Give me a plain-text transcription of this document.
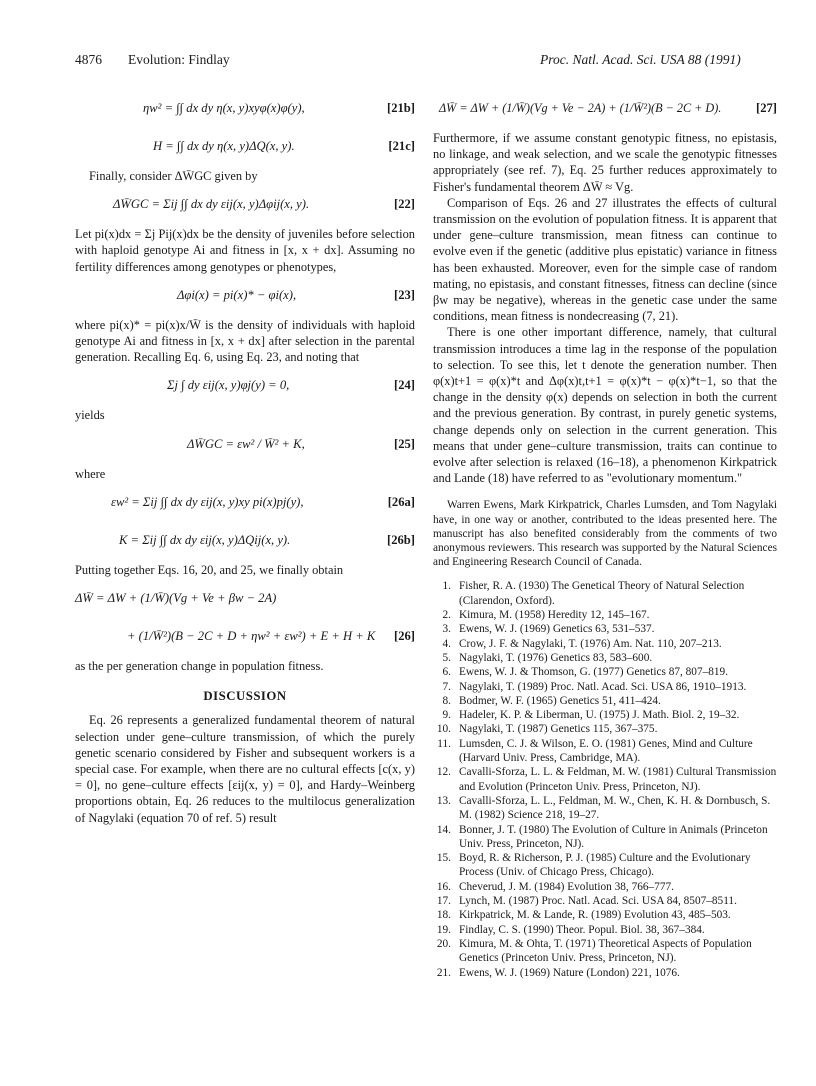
4876 Evolution: Findlay	Proc. Natl. Acad. Sci. USA 88 (1991)
ηw² = ∫∫ dx dy η(x, y)xyφ(x)φ(y),	[21b]
H = ∫∫ dx dy η(x, y)ΔQ(x, y).	[21c]

Finally, consider ΔW̄GC given by

ΔW̄GC = Σij ∫∫ dx dy εij(x, y)Δφij(x, y).	[22]

Let pi(x)dx = Σj Pij(x)dx be the density of juveniles before selection with haploid genotype Ai and fitness in [x, x + dx]. Assuming no fertility differences among genotypes or phenotypes,

Δφi(x) = pi(x)* − φi(x),	[23]

where pi(x)* = pi(x)x/W̄ is the density of individuals with haploid genotype Ai and fitness in [x, x + dx] after selection in the parental generation. Recalling Eq. 6, using Eq. 23, and noting that

Σj ∫ dy εij(x, y)φj(y) = 0,	[24]

yields

ΔW̄GC = εw² / W̄² + K,	[25]

where

εw² = Σij ∫∫ dx dy εij(x, y)xy pi(x)pj(y),	[26a]
K = Σij ∫∫ dx dy εij(x, y)ΔQij(x, y).	[26b]

Putting together Eqs. 16, 20, and 25, we finally obtain

ΔW̄ = ΔW + (1/W̄)(Vg + Ve + βw − 2A)
+ (1/W̄²)(B − 2C + D + ηw² + εw²) + E + H + K [26]

as the per generation change in population fitness.

DISCUSSION

Eq. 26 represents a generalized fundamental theorem of natural selection under gene–culture transmission, of which the purely genetic scenario considered by Fisher and subsequent workers is a special case. For example, when there are no cultural effects [c(x, y) = 0], no gene–culture effects [εij(x, y) = 0], and Hardy–Weinberg proportions obtain, Eq. 26 reduces to the multilocus generalization of Nagylaki (equation 70 of ref. 5) result

ΔW̄ = ΔW + (1/W̄)(Vg + Ve − 2A) + (1/W̄²)(B − 2C + D).	[27]

Furthermore, if we assume constant genotypic fitness, no epistasis, no linkage, and weak selection, and we scale the genotypic fitnesses appropriately (see ref. 7), Eq. 25 further reduces approximately to Fisher's fundamental theorem ΔW̄ ≈ Vg.

Comparison of Eqs. 26 and 27 illustrates the effects of cultural transmission on the evolution of population fitness. It is apparent that under gene–culture transmission, mean fitness can continue to evolve even if the genetic (additive plus epistatic) variance in fitness has been exhausted. Moreover, even for the simple case of random mating, no epistasis, and constant fitnesses, fitness can decline (since βw may be negative), whereas in the genetic case under the same conditions, mean fitness is nondecreasing (7, 21).

There is one other important difference, namely, that cultural transmission introduces a time lag in the response of the population to selection. To see this, let t denote the generation number. Then φ(x)t+1 = φ(x)*t and Δφ(x)t,t+1 = φ(x)*t − φ(x)*t−1, so that the change in the density φ(x) depends on selection in both the current and the previous generation. By contrast, in purely genetic systems, change depends only on selection in the current generation. This means that under gene–culture transmission, traits can continue to evolve after selection is relaxed (16–18), a phenomenon Kirkpatrick and Lande (18) have referred to as "evolutionary momentum."

Warren Ewens, Mark Kirkpatrick, Charles Lumsden, and Tom Nagylaki have, in one way or another, contributed to the ideas presented here. The manuscript has also benefited considerably from the comments of two anonymous reviewers. This research was supported by the Natural Sciences and Engineering Research Council of Canada.

1. Fisher, R. A. (1930) The Genetical Theory of Natural Selection (Clarendon, Oxford).
2. Kimura, M. (1958) Heredity 12, 145–167.
3. Ewens, W. J. (1969) Genetics 63, 531–537.
4. Crow, J. F. & Nagylaki, T. (1976) Am. Nat. 110, 207–213.
5. Nagylaki, T. (1976) Genetics 83, 583–600.
6. Ewens, W. J. & Thomson, G. (1977) Genetics 87, 807–819.
7. Nagylaki, T. (1989) Proc. Natl. Acad. Sci. USA 86, 1910–1913.
8. Bodmer, W. F. (1965) Genetics 51, 411–424.
9. Hadeler, K. P. & Liberman, U. (1975) J. Math. Biol. 2, 19–32.
10. Nagylaki, T. (1987) Genetics 115, 367–375.
11. Lumsden, C. J. & Wilson, E. O. (1981) Genes, Mind and Culture (Harvard Univ. Press, Cambridge, MA).
12. Cavalli-Sforza, L. L. & Feldman, M. W. (1981) Cultural Transmission and Evolution (Princeton Univ. Press, Princeton, NJ).
13. Cavalli-Sforza, L. L., Feldman, M. W., Chen, K. H. & Dornbusch, S. M. (1982) Science 218, 19–27.
14. Bonner, J. T. (1980) The Evolution of Culture in Animals (Princeton Univ. Press, Princeton, NJ).
15. Boyd, R. & Richerson, P. J. (1985) Culture and the Evolutionary Process (Univ. of Chicago Press, Chicago).
16. Cheverud, J. M. (1984) Evolution 38, 766–777.
17. Lynch, M. (1987) Proc. Natl. Acad. Sci. USA 84, 8507–8511.
18. Kirkpatrick, M. & Lande, R. (1989) Evolution 43, 485–503.
19. Findlay, C. S. (1990) Theor. Popul. Biol. 38, 367–384.
20. Kimura, M. & Ohta, T. (1971) Theoretical Aspects of Population Genetics (Princeton Univ. Press, Princeton, NJ).
21. Ewens, W. J. (1969) Nature (London) 221, 1076.
